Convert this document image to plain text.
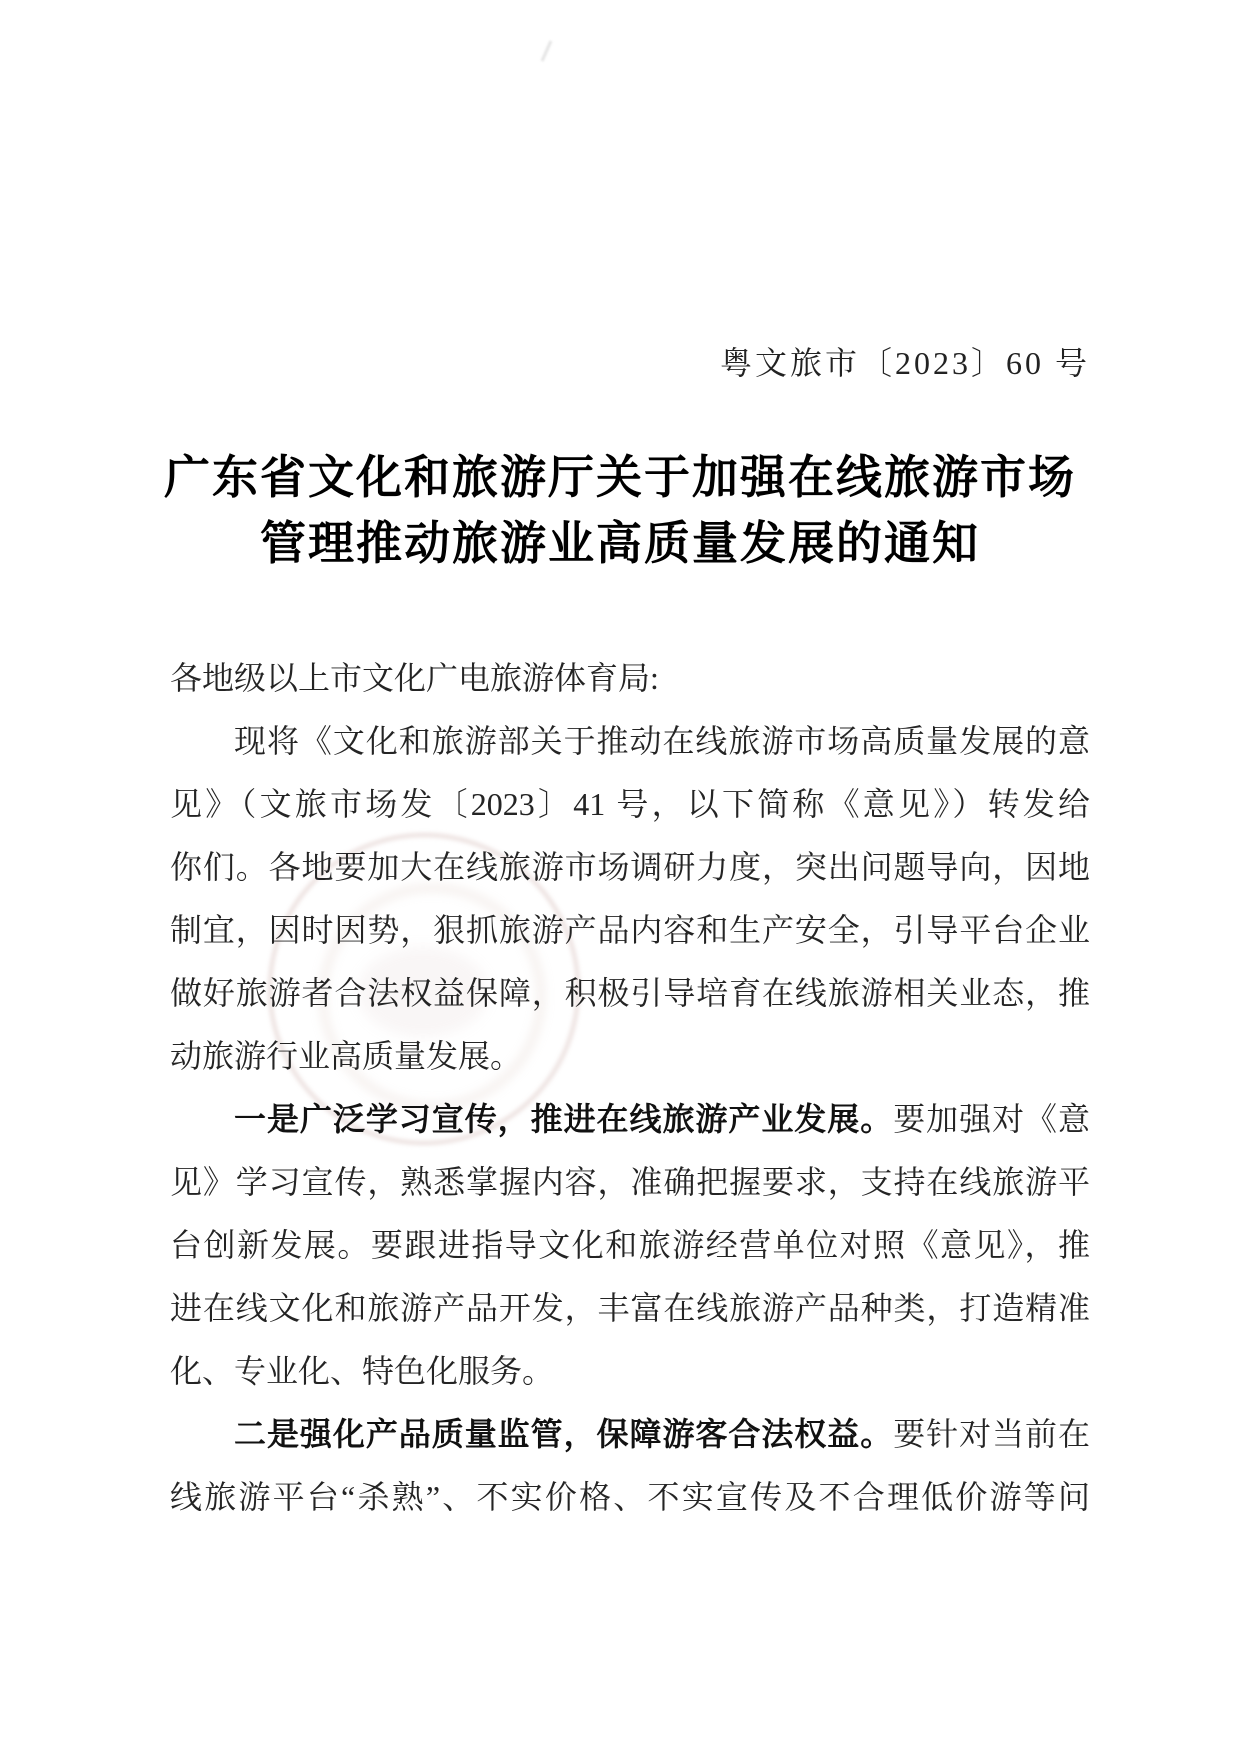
粤文旅市〔2023〕60 号
广东省文化和旅游厅关于加强在线旅游市场
管理推动旅游业高质量发展的通知
各地级以上市文化广电旅游体育局:
现将《文化和旅游部关于推动在线旅游市场高质量发展的意
见》（文旅市场发〔2023〕41 号，以下简称《意见》）转发给
你们。各地要加大在线旅游市场调研力度，突出问题导向，因地
制宜，因时因势，狠抓旅游产品内容和生产安全，引导平台企业
做好旅游者合法权益保障，积极引导培育在线旅游相关业态，推
动旅游行业高质量发展。
一是广泛学习宣传，推进在线旅游产业发展。要加强对《意
见》学习宣传，熟悉掌握内容，准确把握要求，支持在线旅游平
台创新发展。要跟进指导文化和旅游经营单位对照《意见》，推
进在线文化和旅游产品开发，丰富在线旅游产品种类，打造精准
化、专业化、特色化服务。
二是强化产品质量监管，保障游客合法权益。要针对当前在
线旅游平台“杀熟”、不实价格、不实宣传及不合理低价游等问
